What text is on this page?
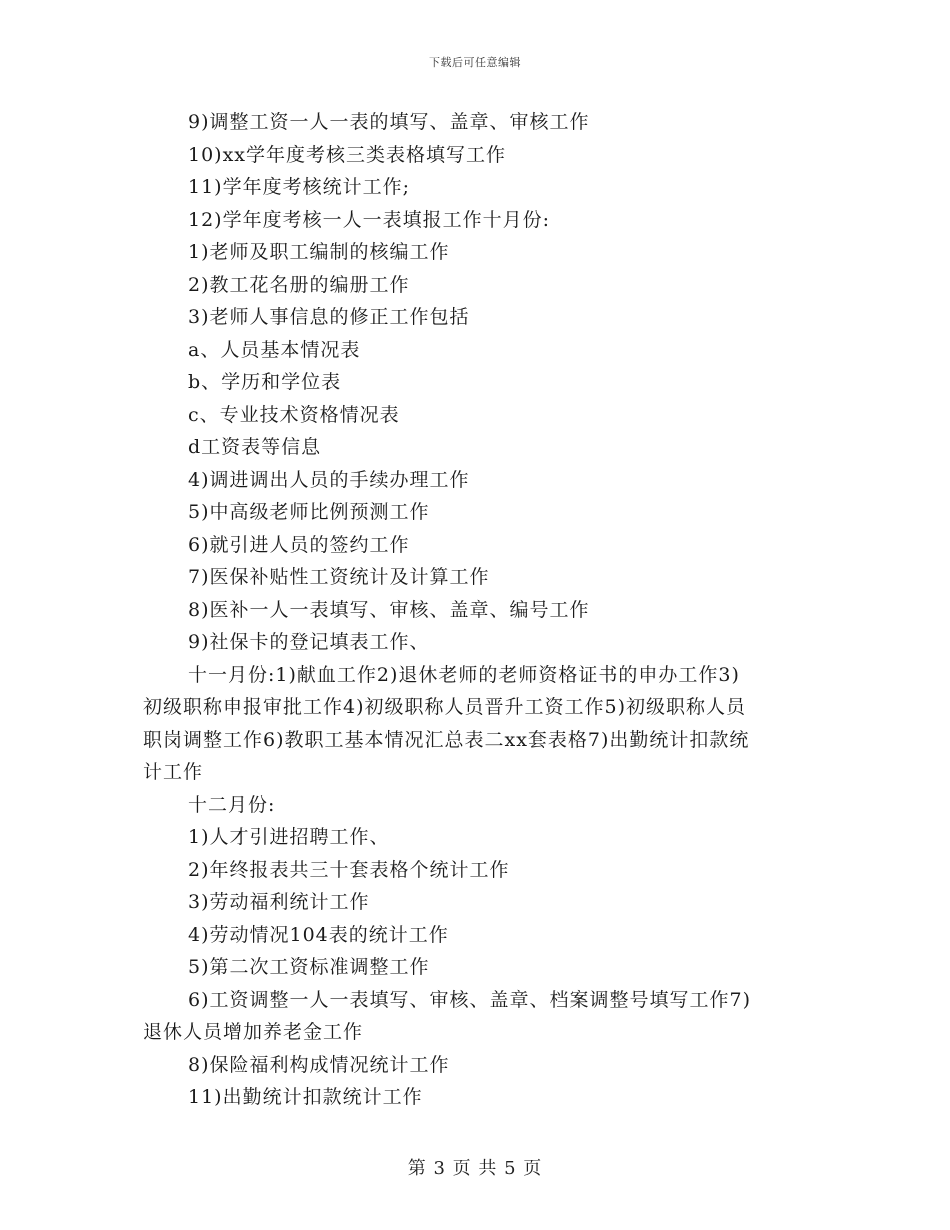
下载后可任意编辑
9)调整工资一人一表的填写、盖章、审核工作
10)xx学年度考核三类表格填写工作
11)学年度考核统计工作;
12)学年度考核一人一表填报工作十月份:
1)老师及职工编制的核编工作
2)教工花名册的编册工作
3)老师人事信息的修正工作包括
a、人员基本情况表
b、学历和学位表
c、专业技术资格情况表
d工资表等信息
4)调进调出人员的手续办理工作
5)中高级老师比例预测工作
6)就引进人员的签约工作
7)医保补贴性工资统计及计算工作
8)医补一人一表填写、审核、盖章、编号工作
9)社保卡的登记填表工作、
十一月份:1)献血工作2)退休老师的老师资格证书的申办工作3)
初级职称申报审批工作4)初级职称人员晋升工资工作5)初级职称人员
职岗调整工作6)教职工基本情况汇总表二xx套表格7)出勤统计扣款统
计工作
十二月份:
1)人才引进招聘工作、
2)年终报表共三十套表格个统计工作
3)劳动福利统计工作
4)劳动情况104表的统计工作
5)第二次工资标准调整工作
6)工资调整一人一表填写、审核、盖章、档案调整号填写工作7)
退休人员增加养老金工作
8)保险福利构成情况统计工作
11)出勤统计扣款统计工作
第 3 页 共 5 页
